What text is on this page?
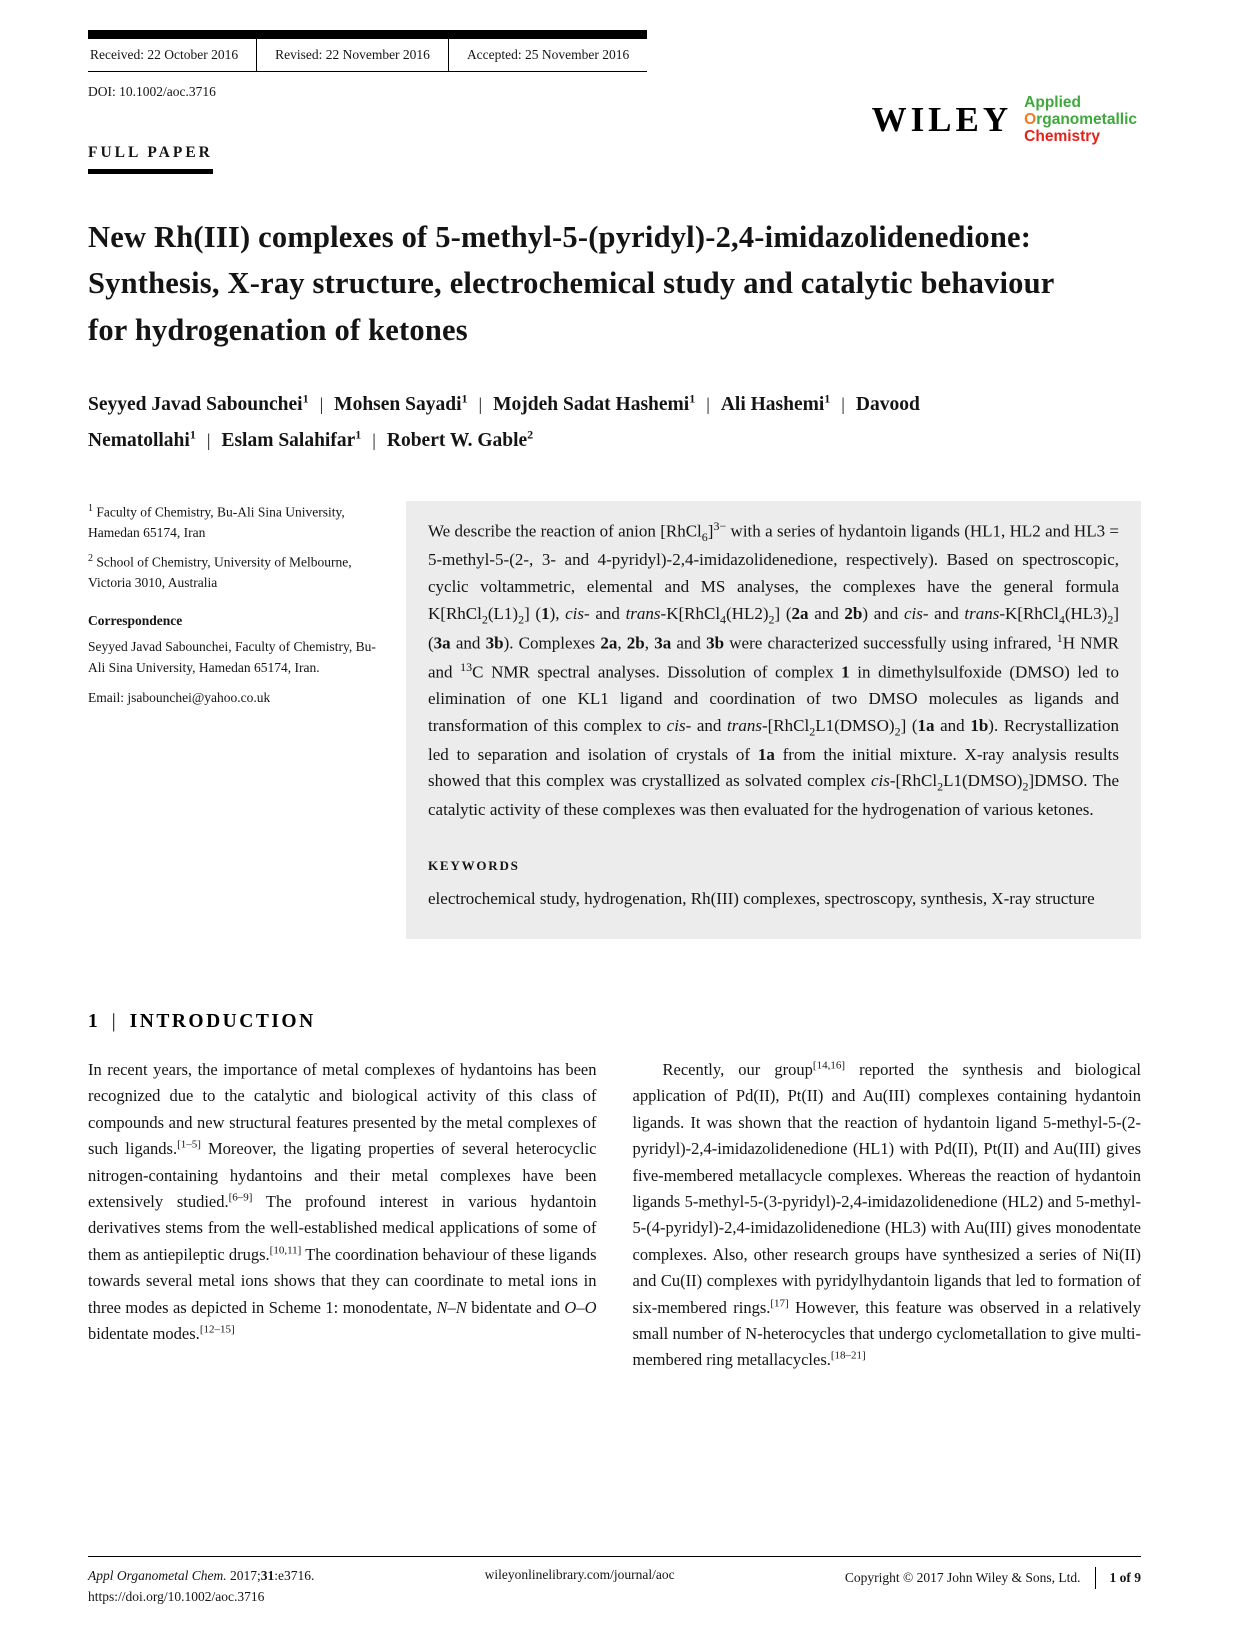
Received: 22 October 2016	Revised: 22 November 2016	Accepted: 25 November 2016
DOI: 10.1002/aoc.3716
WILEY Applied
Organometallic
Chemistry
FULL PAPER
New Rh(III) complexes of 5-methyl-5-(pyridyl)-2,4-imidazolidenedione: Synthesis, X-ray structure, electrochemical study and catalytic behaviour for hydrogenation of ketones
Seyyed Javad Sabounchei$^1$ | Mohsen Sayadi$^1$ | Mojdeh Sadat Hashemi$^1$ | Ali Hashemi$^1$ | Davood Nematollahi$^1$ | Eslam Salahifar$^1$ | Robert W. Gable$^2$

$^1$ Faculty of Chemistry, Bu-Ali Sina University, Hamedan 65174, Iran

$^2$ School of Chemistry, University of Melbourne, Victoria 3010, Australia

Correspondence

Seyyed Javad Sabounchei, Faculty of Chemistry, Bu-Ali Sina University, Hamedan 65174, Iran.

Email: jsabounchei@yahoo.co.uk

We describe the reaction of anion [RhCl$_6$]$^{3-}$ with a series of hydantoin ligands (HL1, HL2 and HL3 = 5-methyl-5-(2-, 3- and 4-pyridyl)-2,4-imidazolidenedione, respectively). Based on spectroscopic, cyclic voltammetric, elemental and MS analyses, the complexes have the general formula $K[RhCl_2(L1)_2]$ (1), cis- and trans-$K[RhCl_4(HL2)_2]$ (2a and 2b) and cis- and trans-$K[RhCl_4(HL3)_2]$ (3a and 3b). Complexes 2a, 2b, 3a and 3b were characterized successfully using infrared, $^1$H NMR and $^{13}$C NMR spectral analyses. Dissolution of complex 1 in dimethylsulfoxide (DMSO) led to elimination of one KL1 ligand and coordination of two DMSO molecules as ligands and transformation of this complex to cis- and trans-$[RhCl_2L1(DMSO)_2]$ (1a and 1b). Recrystallization led to separation and isolation of crystals of 1a from the initial mixture. X-ray analysis results showed that this complex was crystallized as solvated complex cis-$[RhCl_2L1(DMSO)_2]DMSO$. The catalytic activity of these complexes was then evaluated for the hydrogenation of various ketones.

KEYWORDS

electrochemical study, hydrogenation, Rh(III) complexes, spectroscopy, synthesis, X-ray structure

1 | INTRODUCTION

In recent years, the importance of metal complexes of hydantoins has been recognized due to the catalytic and biological activity of this class of compounds and new structural features presented by the metal complexes of such ligands.[1–5] Moreover, the ligating properties of several heterocyclic nitrogen-containing hydantoins and their metal complexes have been extensively studied.[6–9] The profound interest in various hydantoin derivatives stems from the well-established medical applications of some of them as antiepileptic drugs.[10,11] The coordination behaviour of these ligands towards several metal ions shows that they can coordinate to metal ions in three modes as depicted in Scheme 1: monodentate, N–N bidentate and O–O bidentate modes.[12–15]

Recently, our group[14,16] reported the synthesis and biological application of Pd(II), Pt(II) and Au(III) complexes containing hydantoin ligands. It was shown that the reaction of hydantoin ligand 5-methyl-5-(2-pyridyl)-2,4-imidazolidenedione (HL1) with Pd(II), Pt(II) and Au(III) gives five-membered metallacycle complexes. Whereas the reaction of hydantoin ligands 5-methyl-5-(3-pyridyl)-2,4-imidazolidenedione (HL2) and 5-methyl-5-(4-pyridyl)-2,4-imidazolidenedione (HL3) with Au(III) gives monodentate complexes. Also, other research groups have synthesized a series of Ni(II) and Cu(II) complexes with pyridylhydantoin ligands that led to formation of six-membered rings.[17] However, this feature was observed in a relatively small number of N-heterocycles that undergo cyclometallation to give multi-membered ring metallacycles.[18–21]

Appl Organometal Chem. 2017;31:e3716.
https://doi.org/10.1002/aoc.3716
wileyonlinelibrary.com/journal/aoc	Copyright © 2017 John Wiley & Sons, Ltd.	1 of 9
